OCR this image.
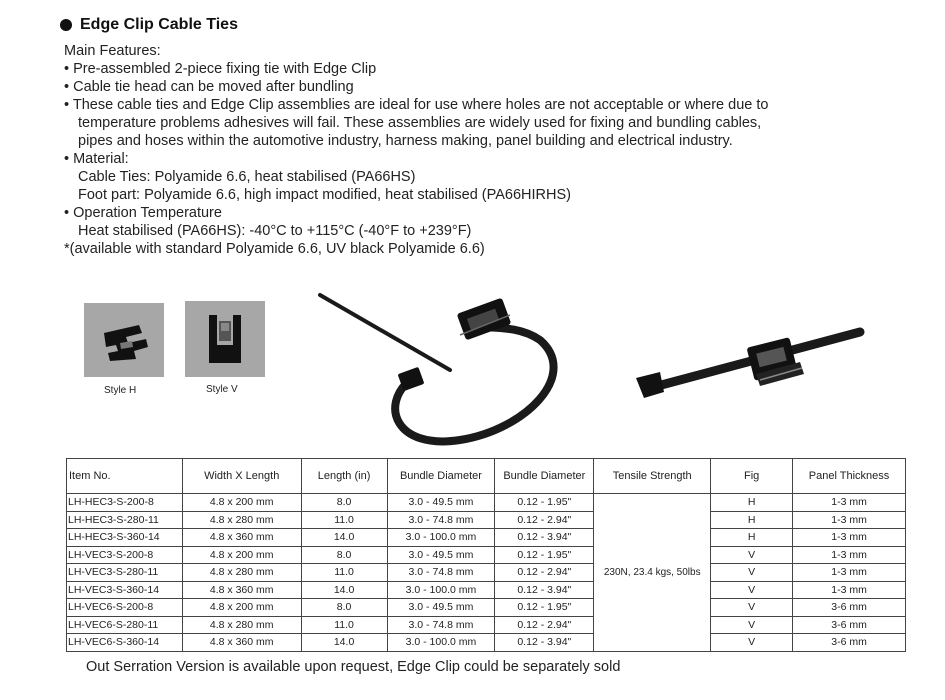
Edge Clip Cable Ties
Main Features:
• Pre-assembled 2-piece fixing tie with Edge Clip
• Cable tie head can be moved after bundling
• These cable ties and Edge Clip assemblies are ideal for use where holes are not acceptable or where due to
temperature problems adhesives will fail. These assemblies are widely used for fixing and bundling cables,
pipes and hoses within the automotive industry, harness making, panel building and electrical industry.
• Material:
Cable Ties: Polyamide 6.6, heat stabilised (PA66HS)
Foot part: Polyamide 6.6, high impact modified, heat stabilised (PA66HIRHS)
• Operation Temperature
Heat stabilised (PA66HS): -40°C to +115°C (-40°F to +239°F)
*(available with standard Polyamide 6.6, UV black Polyamide 6.6)
Style H	Style V
Item No.	Width X Length	Length (in)	Bundle Diameter	Bundle Diameter	Tensile Strength	Fig	Panel Thickness
LH-HEC3-S-200-8	4.8 x 200 mm	8.0	3.0 - 49.5 mm	0.12 - 1.95"	230N, 23.4 kgs, 50lbs	H	1-3 mm
LH-HEC3-S-280-11	4.8 x 280 mm	11.0	3.0 - 74.8 mm	0.12 - 2.94"		H	1-3 mm
LH-HEC3-S-360-14	4.8 x 360 mm	14.0	3.0 - 100.0 mm	0.12 - 3.94"		H	1-3 mm
LH-VEC3-S-200-8	4.8 x 200 mm	8.0	3.0 - 49.5 mm	0.12 - 1.95"		V	1-3 mm
LH-VEC3-S-280-11	4.8 x 280 mm	11.0	3.0 - 74.8 mm	0.12 - 2.94"		V	1-3 mm
LH-VEC3-S-360-14	4.8 x 360 mm	14.0	3.0 - 100.0 mm	0.12 - 3.94"		V	1-3 mm
LH-VEC6-S-200-8	4.8 x 200 mm	8.0	3.0 - 49.5 mm	0.12 - 1.95"		V	3-6 mm
LH-VEC6-S-280-11	4.8 x 280 mm	11.0	3.0 - 74.8 mm	0.12 - 2.94"		V	3-6 mm
LH-VEC6-S-360-14	4.8 x 360 mm	14.0	3.0 - 100.0 mm	0.12 - 3.94"		V	3-6 mm
Out Serration Version is available upon request, Edge Clip could be separately sold
